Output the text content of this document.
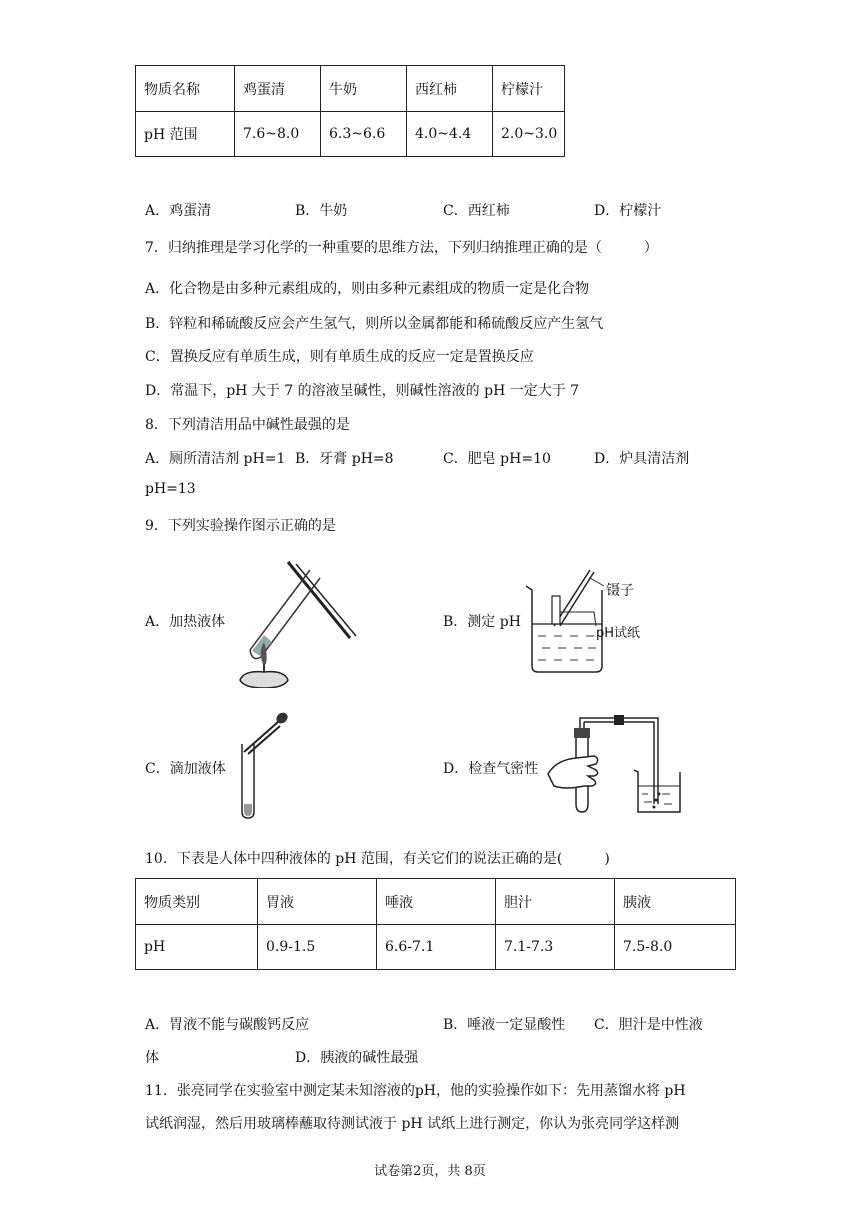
物质名称	鸡蛋清	牛奶	西红柿	柠檬汁
pH 范围	7.6~8.0	6.3~6.6	4.0~4.4	2.0~3.0
A．鸡蛋清	B．牛奶	C．西红柿	D．柠檬汁
7．归纳推理是学习化学的一种重要的思维方法，下列归纳推理正确的是（　　　）
A．化合物是由多种元素组成的，则由多种元素组成的物质一定是化合物
B．锌粒和稀硫酸反应会产生氢气，则所以金属都能和稀硫酸反应产生氢气
C．置换反应有单质生成，则有单质生成的反应一定是置换反应
D．常温下，pH 大于 7 的溶液呈碱性，则碱性溶液的 pH 一定大于 7
8．下列清洁用品中碱性最强的是
A．厕所清洁剂 pH=1 B．牙膏 pH=8	C．肥皂 pH=10	D．炉具清洁剂
pH=13
9．下列实验操作图示正确的是
A．加热液体	B．测定 pH
镊子
pH试纸
C．滴加液体	D．检查气密性
10．下表是人体中四种液体的 pH 范围，有关它们的说法正确的是(　　　)
物质类别	胃液	唾液	胆汁	胰液
pH	0.9-1.5	6.6-7.1	7.1-7.3	7.5-8.0
A．胃液不能与碳酸钙反应	B．唾液一定显酸性 C．胆汁是中性液
体	D．胰液的碱性最强
11．张亮同学在实验室中测定某未知溶液的pH，他的实验操作如下：先用蒸馏水将 pH
试纸润湿，然后用玻璃棒蘸取待测试液于 pH 试纸上进行测定，你认为张亮同学这样测
试卷第2页，共 8页
